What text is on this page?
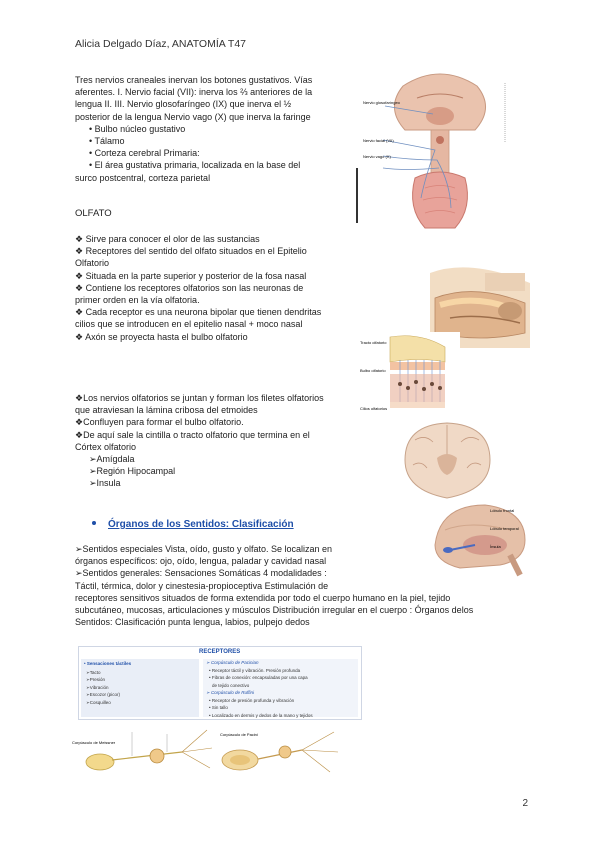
Alicia Delgado Díaz, ANATOMÍA T47
Tres nervios craneales inervan los botones gustativos. Vías
aferentes. I. Nervio facial (VII): inerva los ⅔ anteriores de la
lengua II. III. Nervio glosofaríngeo (IX) que inerva el ½
posterior de la lengua Nervio vago (X) que inerva la faringe
• Bulbo núcleo gustativo
• Tálamo
• Corteza cerebral Primaria:
• El área gustativa primaria, localizada en la base del
surco postcentral, corteza parietal
OLFATO
❖ Sirve para conocer el olor de las sustancias
❖ Receptores del sentido del olfato situados en el Epitelio
Olfatorio
❖ Situada en la parte superior y posterior de la fosa nasal
❖ Contiene los receptores olfatorios son las neuronas de
primer orden en la vía olfatoria.
❖ Cada receptor es una neurona bipolar que tienen dendritas
cilios que se introducen en el epitelio nasal + moco nasal
❖ Axón se proyecta hasta el bulbo olfatorio
❖Los nervios olfatorios se juntan y forman los filetes olfatorios
que atraviesan la lámina cribosa del etmoides
❖Confluyen para formar el bulbo olfatorio.
❖De aquí sale la cintilla o tracto olfatorio que termina en el
Córtex olfatorio
➢Amígdala
➢Región Hipocampal
➢Insula
Órganos de los Sentidos: Clasificación
➢Sentidos especiales Vista, oído, gusto y olfato. Se localizan en
órganos específicos: ojo, oído, lengua, paladar y cavidad nasal
➢Sentidos generales: Sensaciones Somáticas 4 modalidades :
Táctil, térmica, dolor y cinestesia-propioceptiva Estimulación de
receptores sensitivos situados de forma extendida por todo el cuerpo humano en la piel, tejido
subcutáneo, mucosas, articulaciones y músculos Distribución irregular en el cuerpo : Órganos delos
Sentidos: Clasificación punta lengua, labios, pulpejo dedos
Nervio glosofaríngeo
Nervio facial (VII)
Nervio vago (X)
Tracto olfatorio
Bulbo olfatorio
Cilios olfatorios
Lóbulo frontal
Lóbulo temporal
Ínsula
RECEPTORES
• Sensaciones táctiles
➢Tacto
➢Presión
➢Vibración
➢Escozor (picor)
➢Cosquilleo
➢ Corpúsculo de Pacinian
• Receptor táctil y vibración. Presión profunda
• Fibras de conexión: encapsuladas por una capa
de tejido conectivo
➢ Corpúsculo de Ruffini
• Receptor de presión profunda y vibración
• Sin tallo
• Localizado en dermis y dedos de la mano y tejidos
Corpúsculo de Meissner
Corpúsculo de Pacini
2
